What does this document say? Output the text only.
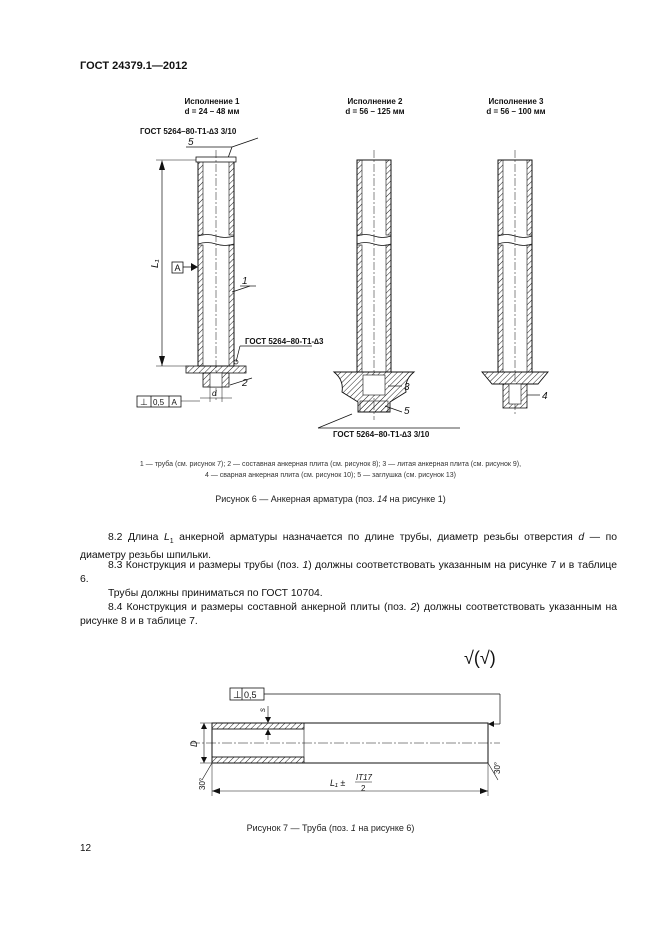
ГОСТ 24379.1—2012
Исполнение 1
d = 24 – 48 мм
Исполнение 2
d = 56 – 125 мм
Исполнение 3
d = 56 – 100 мм
ГОСТ 5264–80-Т1-∆3 3/10
5
L₁ А
1
ГОСТ 5264–80-Т1-∆3
2
d
⊥ 0,5 А
3
5
ГОСТ 5264–80-Т1-∆3 3/10
4
1 — труба (см. рисунок 7); 2 — составная анкерная плита (см. рисунок 8); 3 — литая анкерная плита (см. рисунок 9),
4 — сварная анкерная плита (см. рисунок 10); 5 — заглушка (см. рисунок 13)
Рисунок 6 — Анкерная арматура (поз. 14 на рисунке 1)
8.2 Длина $L_1$ анкерной арматуры назначается по длине трубы, диаметр резьбы отверстия d — по диаметру резьбы шпильки.
8.3 Конструкция и размеры трубы (поз. 1) должны соответствовать указанным на рисунке 7 и в таблице 6.
Трубы должны приниматься по ГОСТ 10704.
8.4 Конструкция и размеры составной анкерной плиты (поз. 2) должны соответствовать указанным на рисунке 8 и в таблице 7.
√(√)
⊥ 0,5
s
D
L₁ ±
IT17
2
30°
30°
Рисунок 7 — Труба (поз. 1 на рисунке 6)
12
